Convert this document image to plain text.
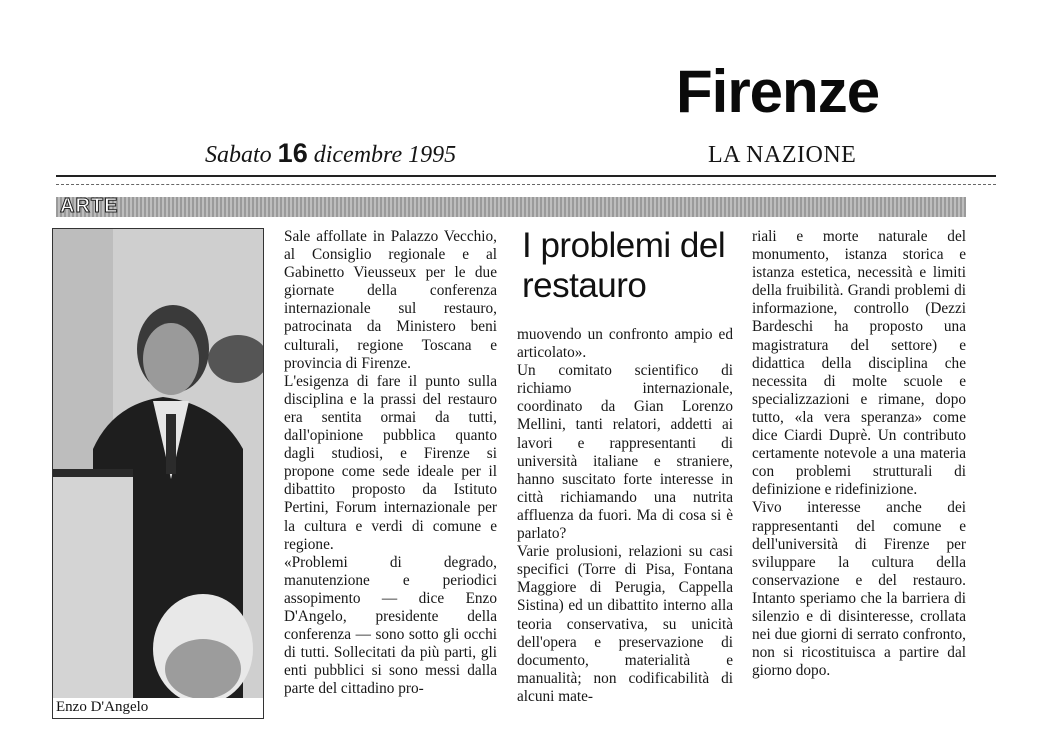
Firenze
Sabato 16 dicembre 1995	LA NAZIONE
ARTE
Enzo D'Angelo

Sale affollate in Palazzo Vecchio, al Consiglio regionale e al Gabinetto Vieusseux per le due giornate della conferenza internazionale sul restauro, patrocinata da Ministero beni culturali, regione Toscana e provincia di Firenze.

L'esigenza di fare il punto sulla disciplina e la prassi del restauro era sentita ormai da tutti, dall'opinione pubblica quanto dagli studiosi, e Firenze si propone come sede ideale per il dibattito proposto da Istituto Pertini, Forum internazionale per la cultura e verdi di comune e regione.

«Problemi di degrado, manutenzione e periodici assopimento — dice Enzo D'Angelo, presidente della conferenza — sono sotto gli occhi di tutti. Sollecitati da più parti, gli enti pubblici si sono messi dalla parte del cittadino pro-

I problemi del restauro

muovendo un confronto ampio ed articolato».

Un comitato scientifico di richiamo internazionale, coordinato da Gian Lorenzo Mellini, tanti relatori, addetti ai lavori e rappresentanti di università italiane e straniere, hanno suscitato forte interesse in città richiamando una nutrita affluenza da fuori. Ma di cosa si è parlato?

Varie prolusioni, relazioni su casi specifici (Torre di Pisa, Fontana Maggiore di Perugia, Cappella Sistina) ed un dibattito interno alla teoria conservativa, su unicità dell'opera e preservazione di documento, materialità e manualità; non codificabilità di alcuni mate-

riali e morte naturale del monumento, istanza storica e istanza estetica, necessità e limiti della fruibilità. Grandi problemi di informazione, controllo (Dezzi Bardeschi ha proposto una magistratura del settore) e didattica della disciplina che necessita di molte scuole e specializzazioni e rimane, dopo tutto, «la vera speranza» come dice Ciardi Duprè. Un contributo certamente notevole a una materia con problemi strutturali di definizione e ridefinizione.

Vivo interesse anche dei rappresentanti del comune e dell'università di Firenze per sviluppare la cultura della conservazione e del restauro. Intanto speriamo che la barriera di silenzio e di disinteresse, crollata nei due giorni di serrato confronto, non si ricostituisca a partire dal giorno dopo.
